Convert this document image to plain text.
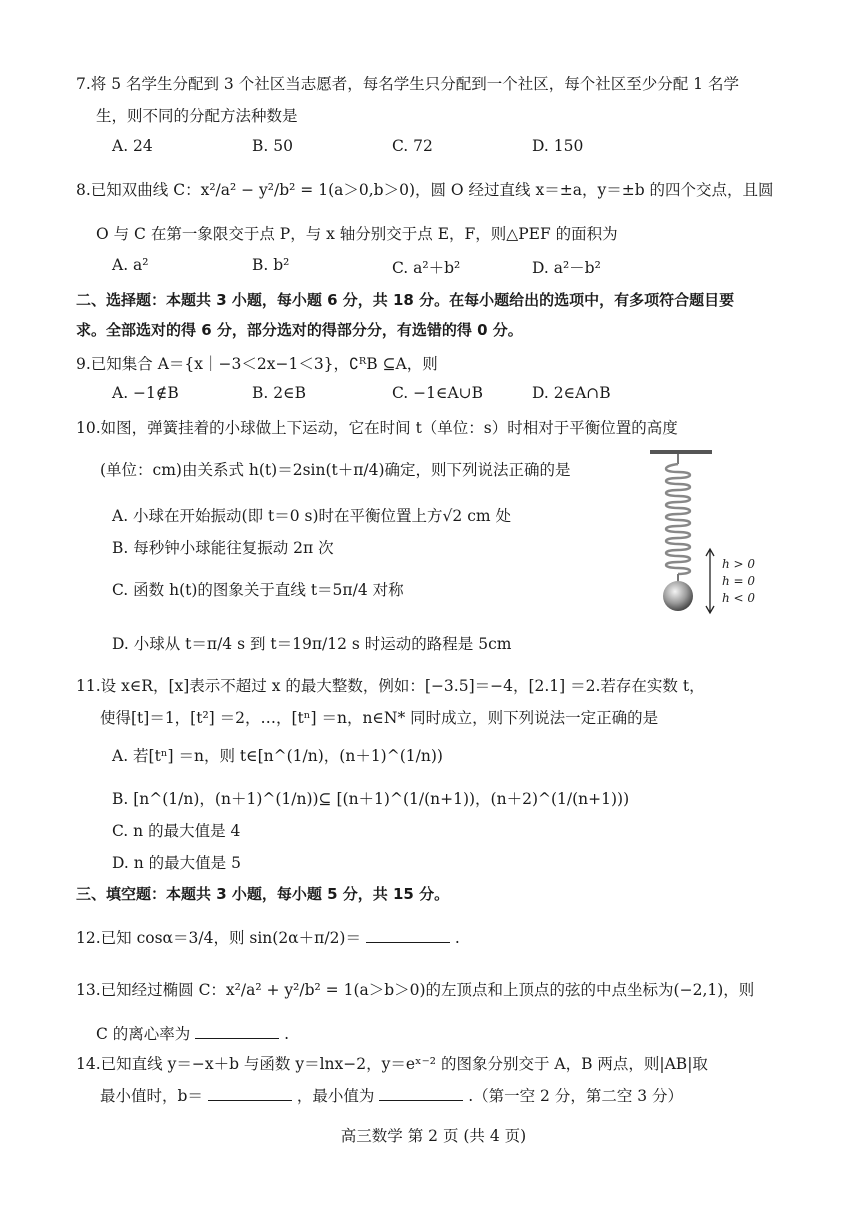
7.将 5 名学生分配到 3 个社区当志愿者，每名学生只分配到一个社区，每个社区至少分配 1 名学
生，则不同的分配方法种数是
A. 24	B. 50	C. 72	D. 150
8.已知双曲线 C：x²/a² − y²/b² = 1(a＞0,b＞0)，圆 O 经过直线 x＝±a，y＝±b 的四个交点，且圆
O 与 C 在第一象限交于点 P，与 x 轴分别交于点 E，F，则△PEF 的面积为
A. a²	B. b²	C. a²＋b²	D. a²－b²
二、选择题：本题共 3 小题，每小题 6 分，共 18 分。在每小题给出的选项中，有多项符合题目要
求。全部选对的得 6 分，部分选对的得部分分，有选错的得 0 分。
9.已知集合 A＝{x｜−3＜2x−1＜3}，∁ᴿB ⊆A，则
A. −1∉B	B. 2∈B	C. −1∈A∪B	D. 2∈A∩B
10.如图，弹簧挂着的小球做上下运动，它在时间 t（单位：s）时相对于平衡位置的高度
(单位：cm)由关系式 h(t)＝2sin(t＋π/4)确定，则下列说法正确的是
A. 小球在开始振动(即 t＝0 s)时在平衡位置上方√2 cm 处
B. 每秒钟小球能往复振动 2π 次
C. 函数 h(t)的图象关于直线 t＝5π/4 对称
D. 小球从 t＝π/4 s 到 t＝19π/12 s 时运动的路程是 5cm
h > 0
h = 0
h < 0
11.设 x∈R，[x]表示不超过 x 的最大整数，例如：[−3.5]＝−4，[2.1] ＝2.若存在实数 t，
使得[t]＝1，[t²] ＝2，…，[tⁿ] ＝n，n∈N* 同时成立，则下列说法一定正确的是
A. 若[tⁿ] ＝n，则 t∈[n^(1/n)，(n＋1)^(1/n))
B. [n^(1/n)，(n＋1)^(1/n))⊆ [(n＋1)^(1/(n+1))，(n＋2)^(1/(n+1)))
C. n 的最大值是 4
D. n 的最大值是 5
三、填空题：本题共 3 小题，每小题 5 分，共 15 分。
12.已知 cosα＝3/4，则 sin(2α＋π/2)＝	.
13.已知经过椭圆 C：x²/a² + y²/b² = 1(a＞b＞0)的左顶点和上顶点的弦的中点坐标为(−2,1)，则
C 的离心率为	.
14.已知直线 y＝−x＋b 与函数 y＝lnx−2，y＝eˣ⁻² 的图象分别交于 A，B 两点，则|AB|取
最小值时，b＝	，最小值为	.（第一空 2 分，第二空 3 分）
高三数学 第 2 页 (共 4 页)
